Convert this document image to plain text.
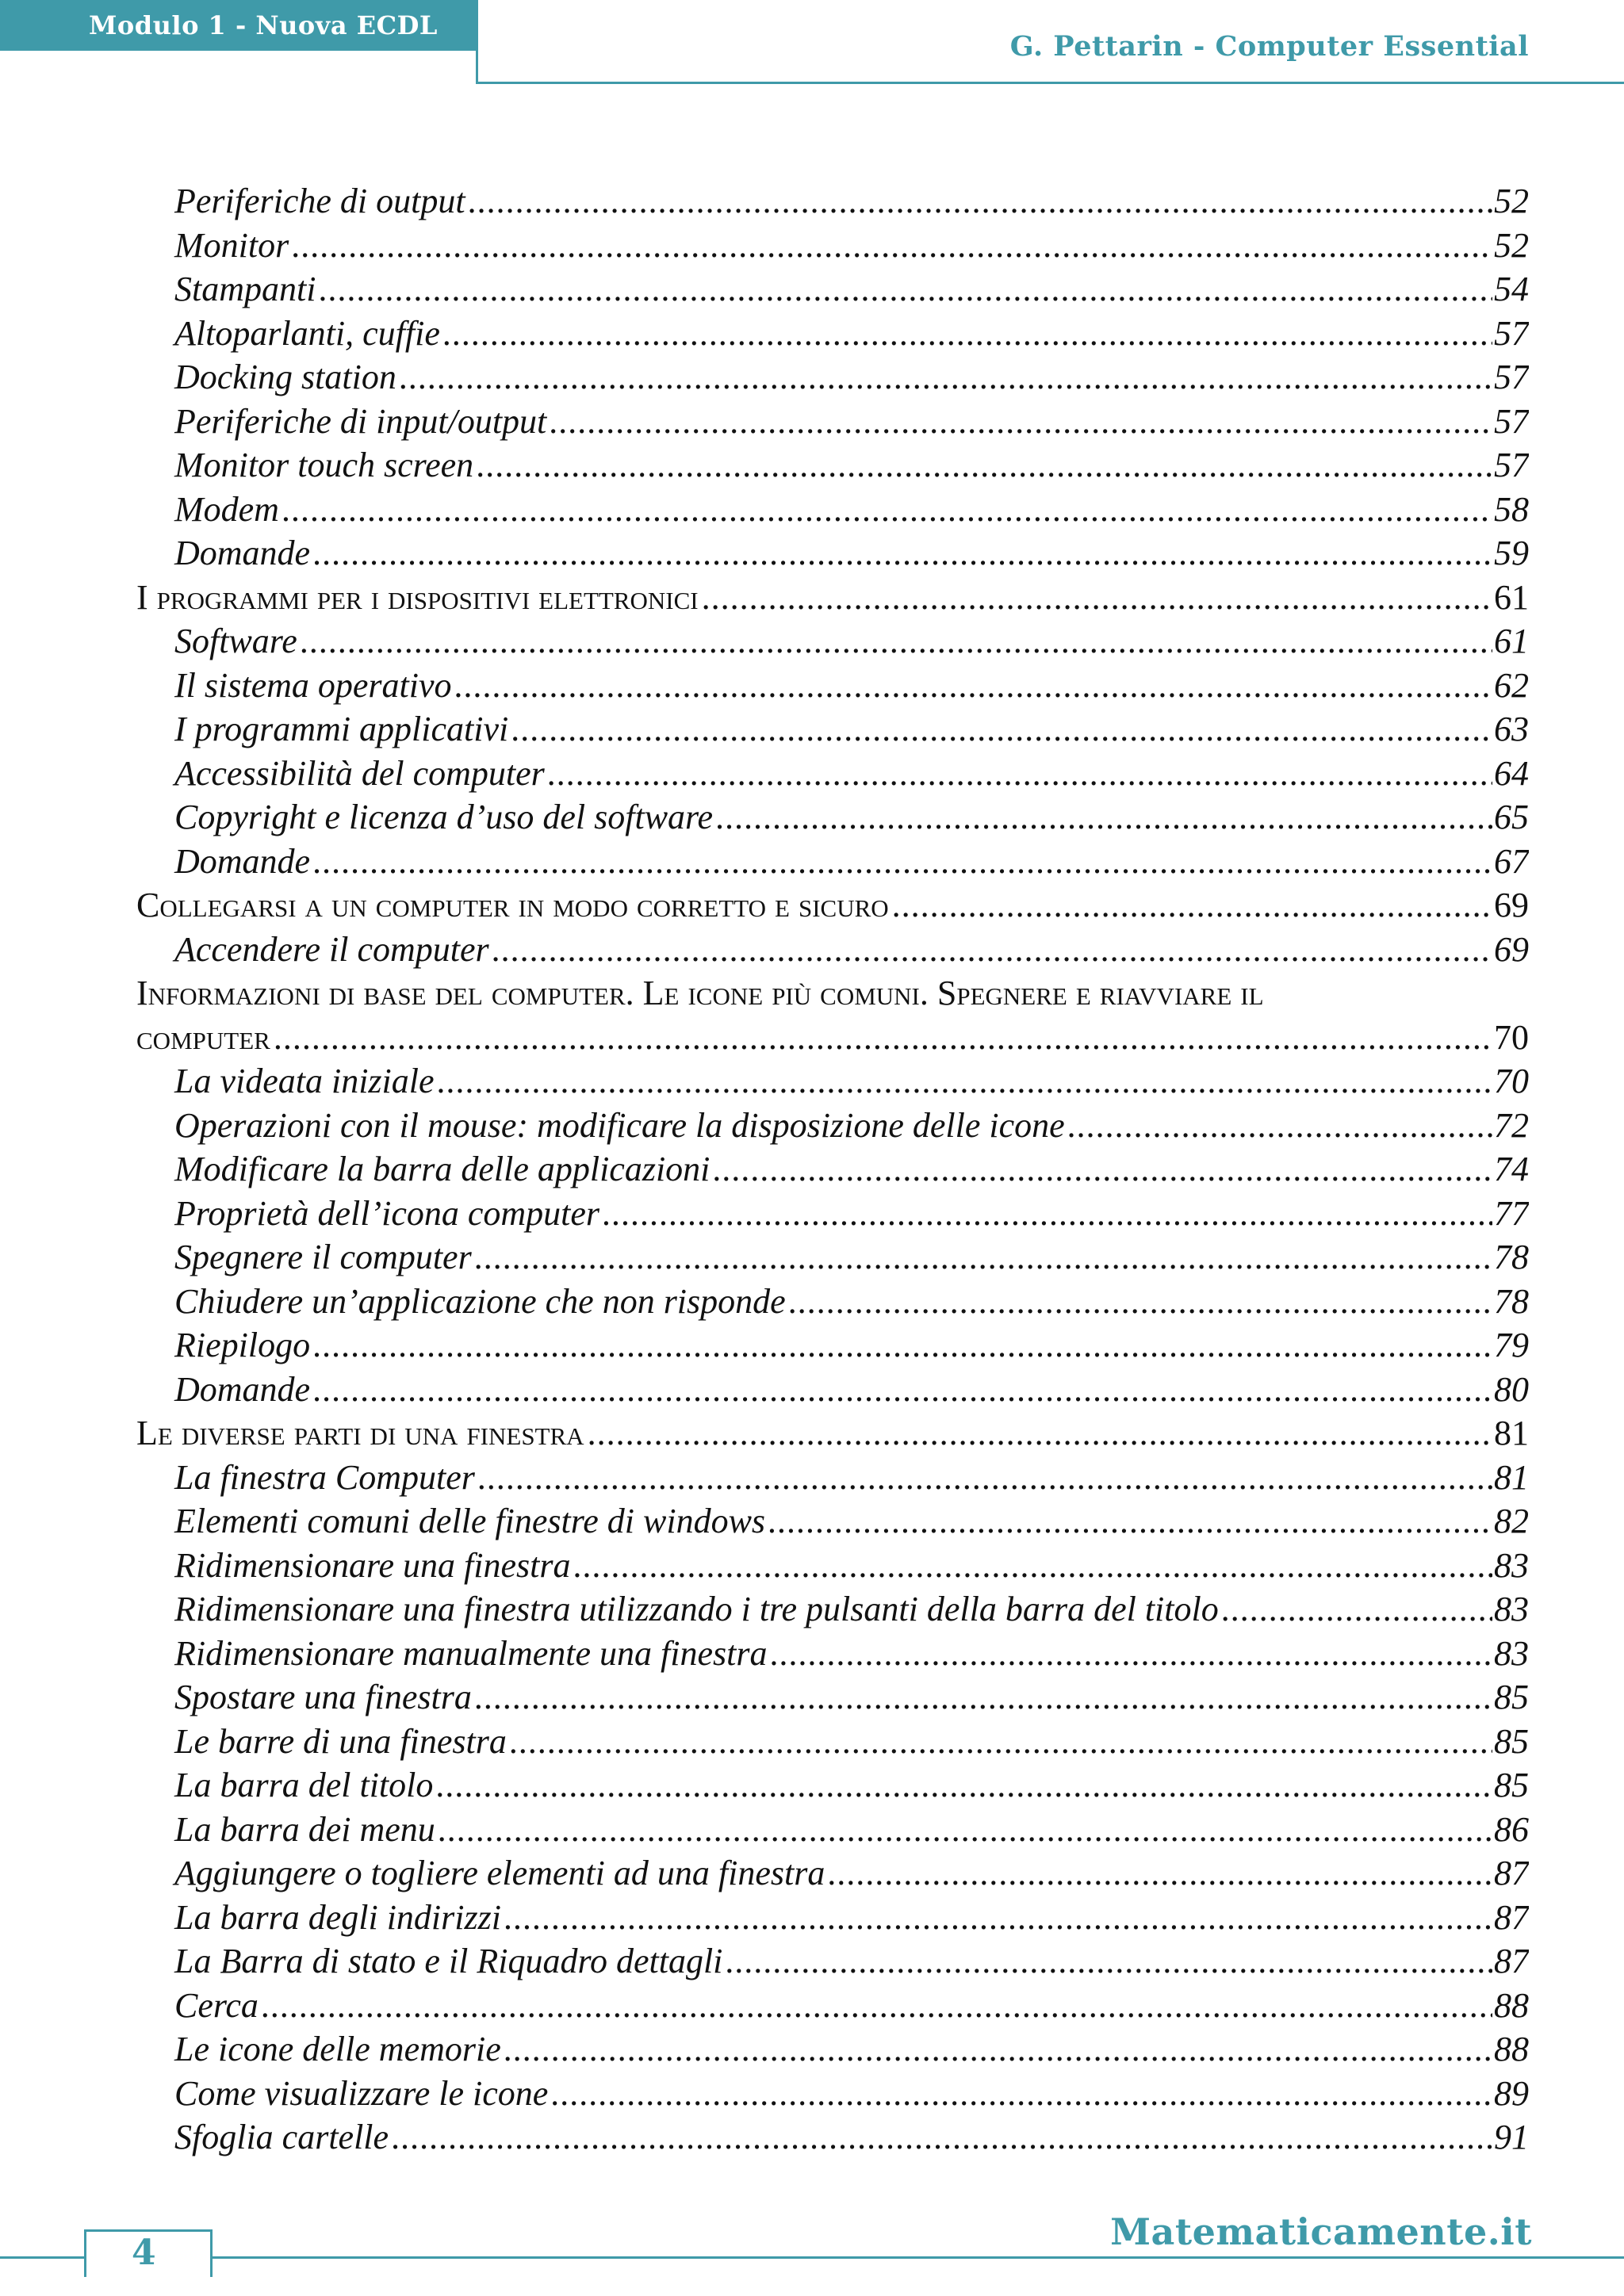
Modulo 1 - Nuova ECDL
G. Pettarin - Computer Essential
Periferiche di output .....	52
Monitor .....	52
Stampanti .....	54
Altoparlanti, cuffie .....	57
Docking station .....	57
Periferiche di input/output .....	57
Monitor touch screen .....	57
Modem .....	58
Domande .....	59
I programmi per i dispositivi elettronici .....	61
Software .....	61
Il sistema operativo .....	62
I programmi applicativi .....	63
Accessibilità del computer .....	64
Copyright e licenza d’uso del software .....	65
Domande .....	67
Collegarsi a un computer in modo corretto e sicuro .....	69
Accendere il computer .....	69
Informazioni di base del computer. Le icone più comuni. Spegnere e riavviare il
computer .....	70
La videata iniziale .....	70
Operazioni con il mouse: modificare la disposizione delle icone .....	72
Modificare la barra delle applicazioni .....	74
Proprietà dell’icona computer .....	77
Spegnere il computer .....	78
Chiudere un’applicazione che non risponde .....	78
Riepilogo .....	79
Domande .....	80
Le diverse parti di una finestra .....	81
La finestra Computer .....	81
Elementi comuni delle finestre di windows .....	82
Ridimensionare una finestra .....	83
Ridimensionare una finestra utilizzando i tre pulsanti della barra del titolo .....	83
Ridimensionare manualmente una finestra .....	83
Spostare una finestra .....	85
Le barre di una finestra .....	85
La barra del titolo .....	85
La barra dei menu .....	86
Aggiungere o togliere elementi ad una finestra .....	87
La barra degli indirizzi .....	87
La Barra di stato e il Riquadro dettagli .....	87
Cerca .....	88
Le icone delle memorie .....	88
Come visualizzare le icone .....	89
Sfoglia cartelle .....	91
4	Matematicamente.it
